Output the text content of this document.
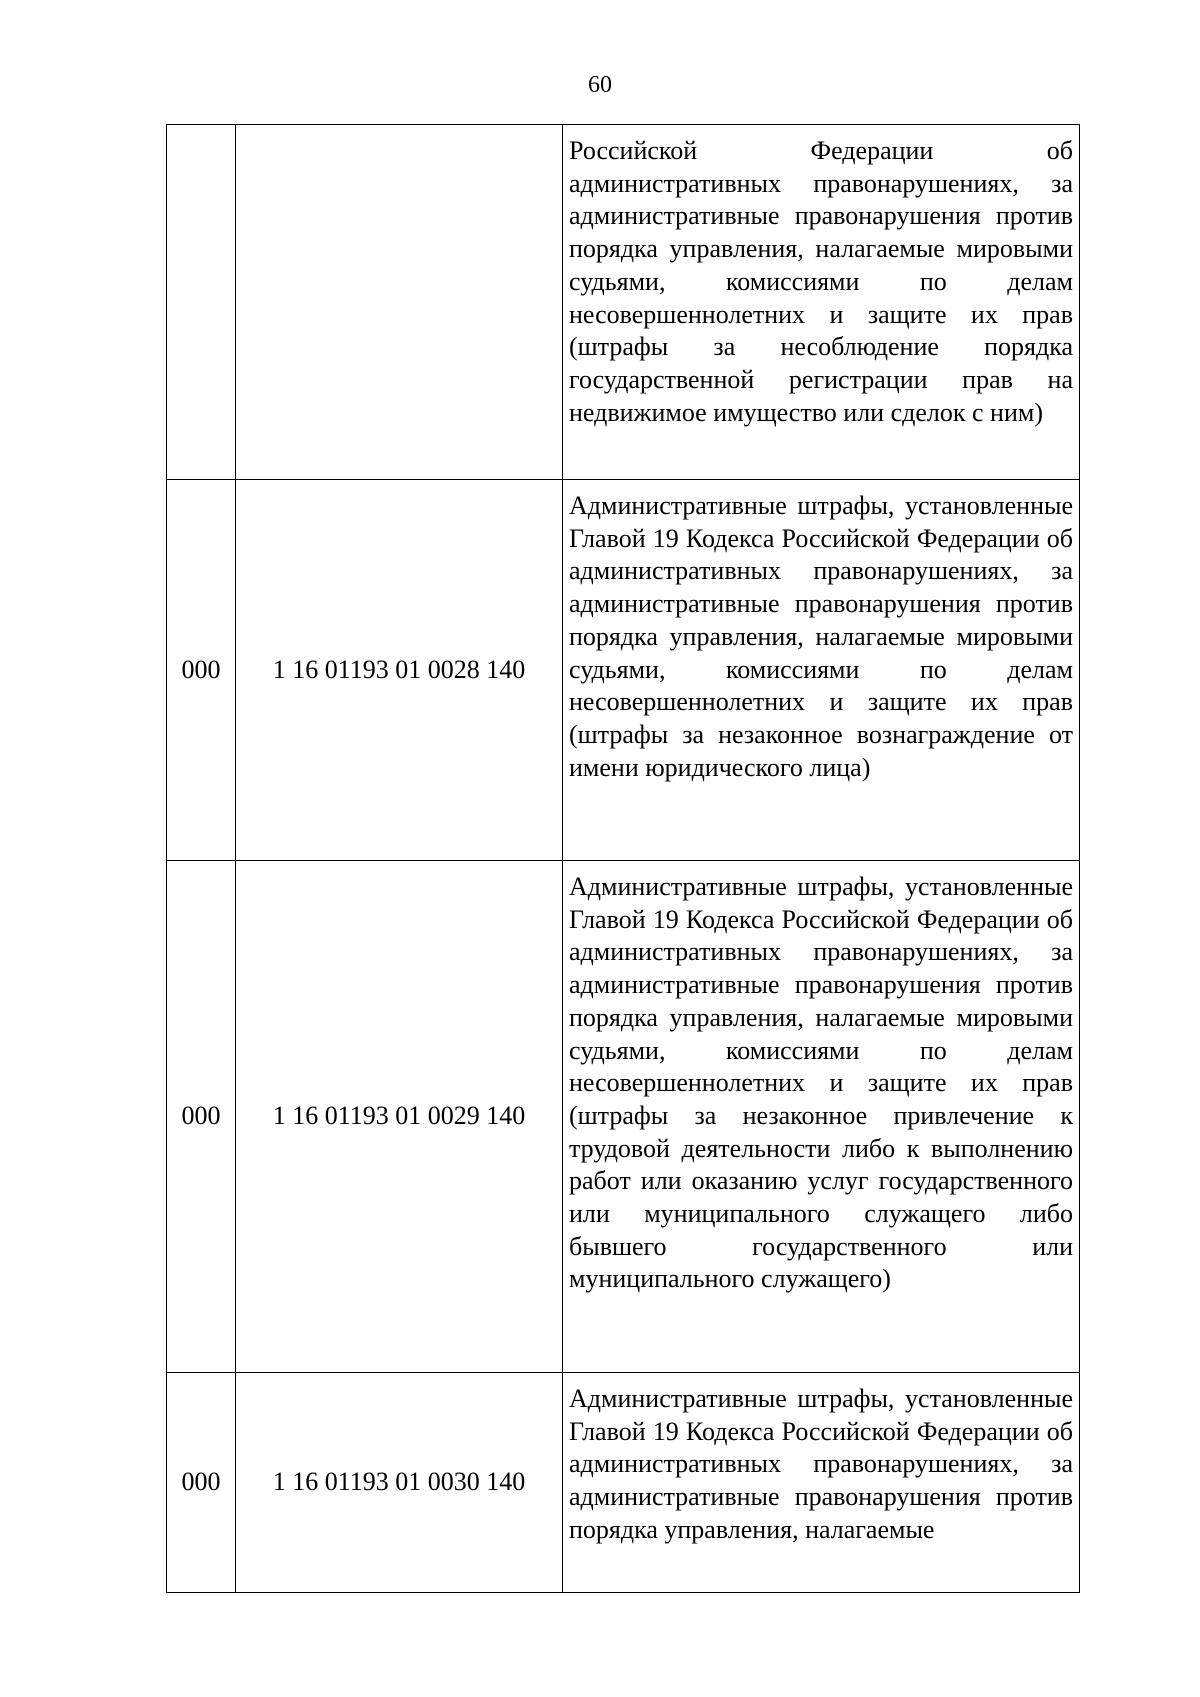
60
		Российской Федерации об административных правонарушениях, за административные правонарушения против порядка управления, налагаемые мировыми судьями, комиссиями по делам несовершеннолетних и защите их прав (штрафы за несоблюдение порядка государственной регистрации прав на недвижимое имущество или сделок с ним)
000	1 16 01193 01 0028 140	Административные штрафы, установленные Главой 19 Кодекса Российской Федерации об административных правонарушениях, за административные правонарушения против порядка управления, налагаемые мировыми судьями, комиссиями по делам несовершеннолетних и защите их прав (штрафы за незаконное вознаграждение от имени юридического лица)
000	1 16 01193 01 0029 140	Административные штрафы, установленные Главой 19 Кодекса Российской Федерации об административных правонарушениях, за административные правонарушения против порядка управления, налагаемые мировыми судьями, комиссиями по делам несовершеннолетних и защите их прав (штрафы за незаконное привлечение к трудовой деятельности либо к выполнению работ или оказанию услуг государственного или муниципального служащего либо бывшего государственного или муниципального служащего)
000	1 16 01193 01 0030 140	Административные штрафы, установленные Главой 19 Кодекса Российской Федерации об административных правонарушениях, за административные правонарушения против порядка управления, налагаемые
